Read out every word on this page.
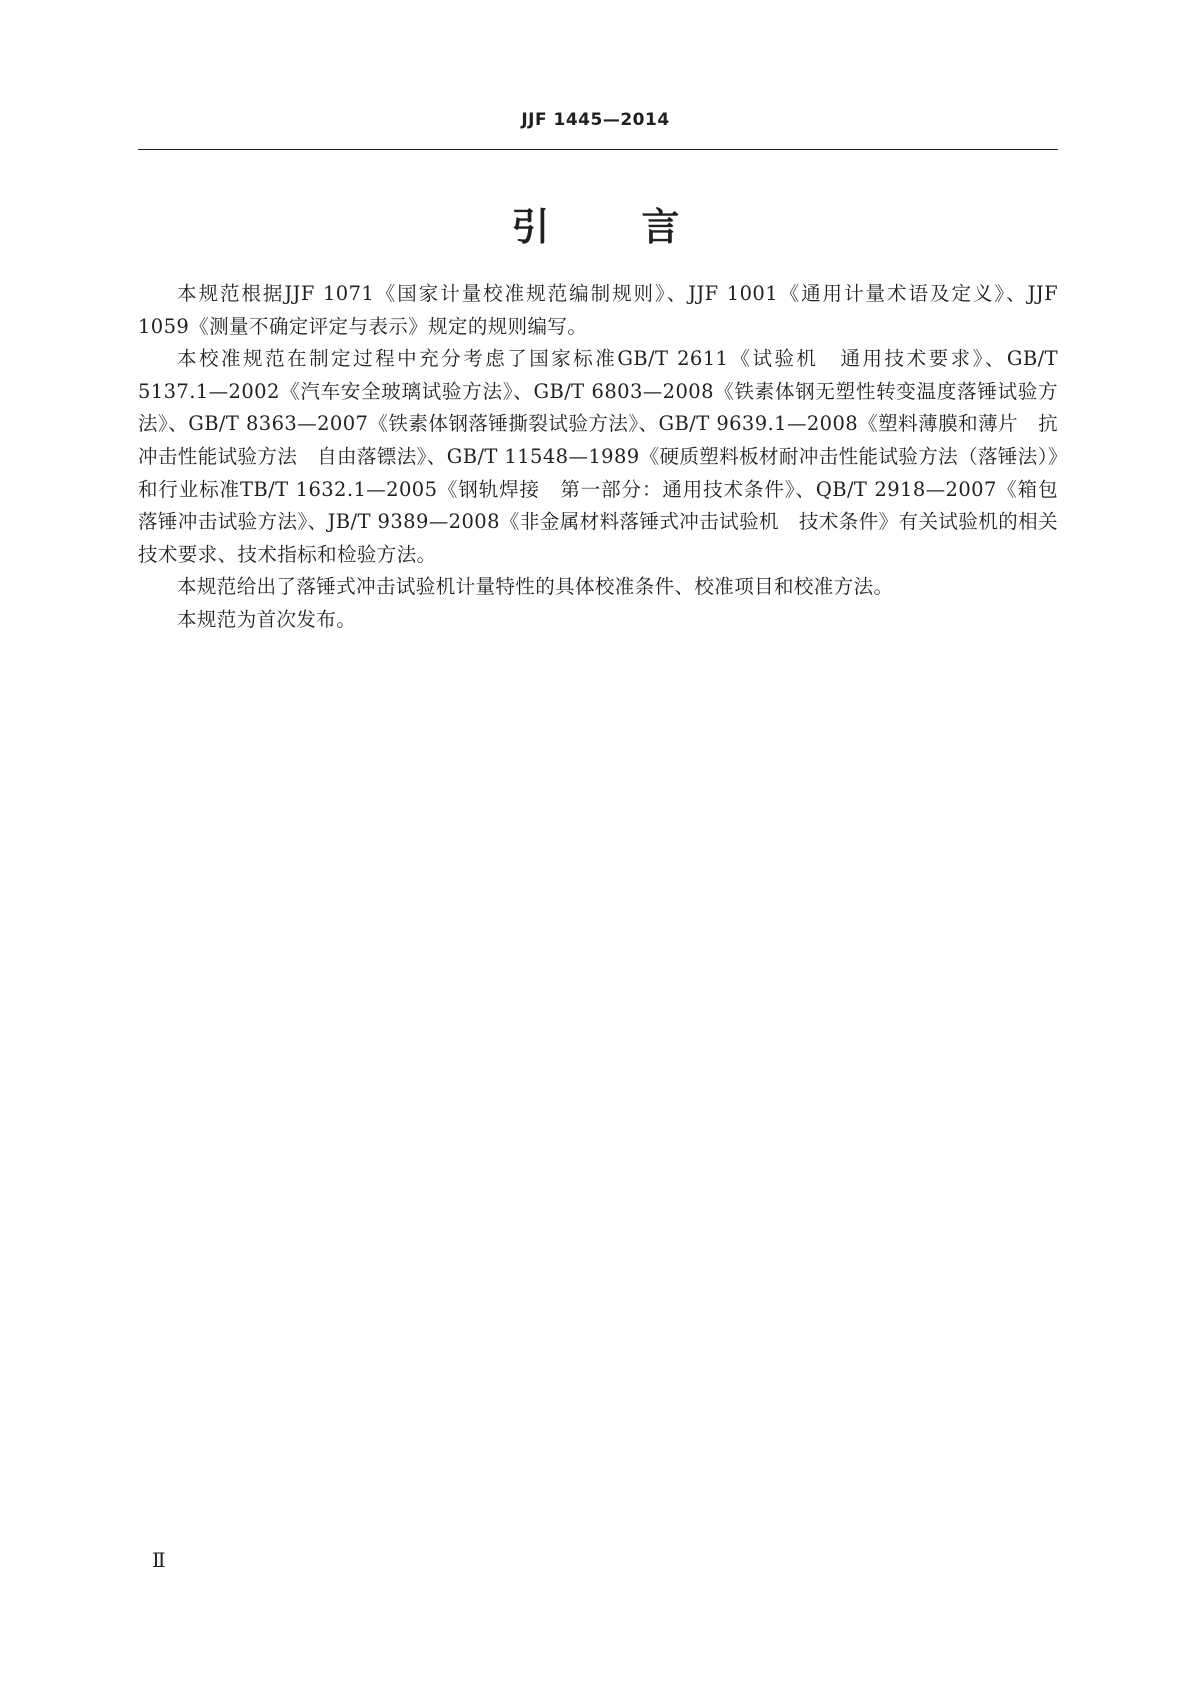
JJF 1445—2014
引 言

本规范根据JJF 1071《国家计量校准规范编制规则》、JJF 1001《通用计量术语及定义》、JJF 1059《测量不确定评定与表示》规定的规则编写。

本校准规范在制定过程中充分考虑了国家标准GB/T 2611《试验机　通用技术要求》、GB/T 5137.1—2002《汽车安全玻璃试验方法》、GB/T 6803—2008《铁素体钢无塑性转变温度落锤试验方法》、GB/T 8363—2007《铁素体钢落锤撕裂试验方法》、GB/T 9639.1—2008《塑料薄膜和薄片　抗冲击性能试验方法　自由落镖法》、GB/T 11548—1989《硬质塑料板材耐冲击性能试验方法（落锤法）》和行业标准TB/T 1632.1—2005《钢轨焊接　第一部分：通用技术条件》、QB/T 2918—2007《箱包　落锤冲击试验方法》、JB/T 9389—2008《非金属材料落锤式冲击试验机　技术条件》有关试验机的相关技术要求、技术指标和检验方法。

本规范给出了落锤式冲击试验机计量特性的具体校准条件、校准项目和校准方法。

本规范为首次发布。

Ⅱ
